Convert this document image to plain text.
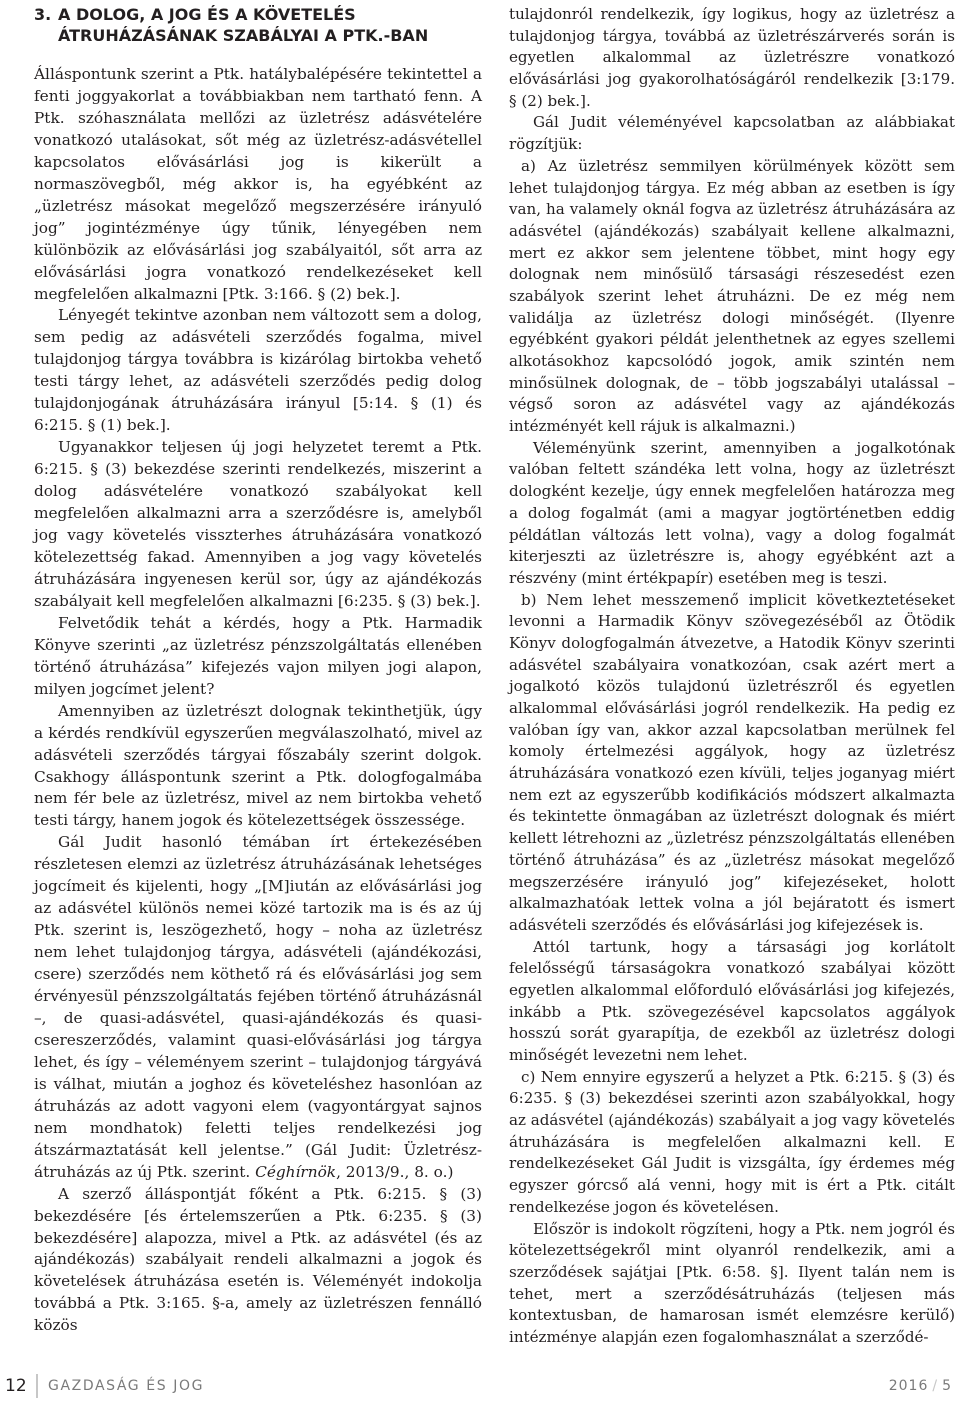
3. A DOLOG, A JOG ÉS A KÖVETELÉS
ÁTRUHÁZÁSÁNAK SZABÁLYAI A PTK.-BAN

Álláspontunk szerint a Ptk. hatálybalépésére tekintettel a fenti joggyakorlat a továbbiakban nem tartható fenn. A Ptk. szóhasználata mellőzi az üzletrész adásvételére vonatkozó utalásokat, sőt még az üzletrész-adásvétellel kapcsolatos elővásárlási jog is kikerült a normaszövegből, még akkor is, ha egyébként az „üzletrész másokat megelőző megszerzésére irányuló jog” jogintézménye úgy tűnik, lényegében nem különbözik az elővásárlási jog szabályaitól, sőt arra az elővásárlási jogra vonatkozó rendelkezéseket kell megfelelően alkalmazni [Ptk. 3:166. § (2) bek.].

Lényegét tekintve azonban nem változott sem a dolog, sem pedig az adásvételi szerződés fogalma, mivel tulajdonjog tárgya továbbra is kizárólag birtokba vehető testi tárgy lehet, az adásvételi szerződés pedig dolog tulajdonjogának átruházására irányul [5:14. § (1) és 6:215. § (1) bek.].

Ugyanakkor teljesen új jogi helyzetet teremt a Ptk. 6:215. § (3) bekezdése szerinti rendelkezés, miszerint a dolog adásvételére vonatkozó szabályokat kell megfelelően alkalmazni arra a szerződésre is, amelyből jog vagy követelés visszterhes átruházására vonatkozó kötelezettség fakad. Amennyiben a jog vagy követelés átruházására ingyenesen kerül sor, úgy az ajándékozás szabályait kell megfelelően alkalmazni [6:235. § (3) bek.].

Felvetődik tehát a kérdés, hogy a Ptk. Harmadik Könyve szerinti „az üzletrész pénzszolgáltatás ellenében történő átruházása” kifejezés vajon milyen jogi alapon, milyen jogcímet jelent?

Amennyiben az üzletrészt dolognak tekinthetjük, úgy a kérdés rendkívül egyszerűen megválaszolható, mivel az adásvételi szerződés tárgyai főszabály szerint dolgok. Csakhogy álláspontunk szerint a Ptk. dologfogalmába nem fér bele az üzletrész, mivel az nem birtokba vehető testi tárgy, hanem jogok és kötelezettségek összessége.

Gál Judit hasonló témában írt értekezésében részletesen elemzi az üzletrész átruházásának lehetséges jogcímeit és kijelenti, hogy „[M]iután az elővásárlási jog az adásvétel különös nemei közé tartozik ma is és az új Ptk. szerint is, leszögezhető, hogy – noha az üzletrész nem lehet tulajdonjog tárgya, adásvételi (ajándékozási, csere) szerződés nem köthető rá és elővásárlási jog sem érvényesül pénzszolgáltatás fejében történő átruházásnál –, de quasi-adásvétel, quasi-ajándékozás és quasi-csereszerződés, valamint quasi-elővásárlási jog tárgya lehet, és így – véleményem szerint – tulajdonjog tárgyává is válhat, miután a joghoz és követeléshez hasonlóan az átruházás az adott vagyoni elem (vagyontárgyat sajnos nem mondhatok) feletti teljes rendelkezési jog átszármaztatását kell jelentse.” (Gál Judit: Üzletrész-átruházás az új Ptk. szerint. Céghírnök, 2013/9., 8. o.)

A szerző álláspontját főként a Ptk. 6:215. § (3) bekezdésére [és értelemszerűen a Ptk. 6:235. § (3) bekezdésére] alapozza, mivel a Ptk. az adásvétel (és az ajándékozás) szabályait rendeli alkalmazni a jogok és követelések átruházása esetén is. Véleményét indokolja továbbá a Ptk. 3:165. §-a, amely az üzletrészen fennálló közös

tulajdonról rendelkezik, így logikus, hogy az üzletrész a tulajdonjog tárgya, továbbá az üzletrészárverés során is egyetlen alkalommal az üzletrészre vonatkozó elővásárlási jog gyakorolhatóságáról rendelkezik [3:179. § (2) bek.].

Gál Judit véleményével kapcsolatban az alábbiakat rögzítjük:

a) Az üzletrész semmilyen körülmények között sem lehet tulajdonjog tárgya. Ez még abban az esetben is így van, ha valamely oknál fogva az üzletrész átruházására az adásvétel (ajándékozás) szabályait kellene alkalmazni, mert ez akkor sem jelentene többet, mint hogy egy dolognak nem minősülő társasági részesedést ezen szabályok szerint lehet átruházni. De ez még nem validálja az üzletrész dologi minőségét. (Ilyenre egyébként gyakori példát jelenthetnek az egyes szellemi alkotásokhoz kapcsolódó jogok, amik szintén nem minősülnek dolognak, de – több jogszabályi utalással – végső soron az adásvétel vagy az ajándékozás intézményét kell rájuk is alkalmazni.)

Véleményünk szerint, amennyiben a jogalkotónak valóban feltett szándéka lett volna, hogy az üzletrészt dologként kezelje, úgy ennek megfelelően határozza meg a dolog fogalmát (ami a magyar jogtörténetben eddig példátlan változás lett volna), vagy a dolog fogalmát kiterjeszti az üzletrészre is, ahogy egyébként azt a részvény (mint értékpapír) esetében meg is teszi.

b) Nem lehet messzemenő implicit következtetéseket levonni a Harmadik Könyv szövegezéséből az Ötödik Könyv dologfogalmán átvezetve, a Hatodik Könyv szerinti adásvétel szabályaira vonatkozóan, csak azért mert a jogalkotó közös tulajdonú üzletrészről és egyetlen alkalommal elővásárlási jogról rendelkezik. Ha pedig ez valóban így van, akkor azzal kapcsolatban merülnek fel komoly értelmezési aggályok, hogy az üzletrész átruházására vonatkozó ezen kívüli, teljes joganyag miért nem ezt az egyszerűbb kodifikációs módszert alkalmazta és tekintette önmagában az üzletrészt dolognak és miért kellett létrehozni az „üzletrész pénzszolgáltatás ellenében történő átruházása” és az „üzletrész másokat megelőző megszerzésére irányuló jog” kifejezéseket, holott alkalmazhatóak lettek volna a jól bejáratott és ismert adásvételi szerződés és elővásárlási jog kifejezések is.

Attól tartunk, hogy a társasági jog korlátolt felelősségű társaságokra vonatkozó szabályai között egyetlen alkalommal előforduló elővásárlási jog kifejezés, inkább a Ptk. szövegezésével kapcsolatos aggályok hosszú sorát gyarapítja, de ezekből az üzletrész dologi minőségét levezetni nem lehet.

c) Nem ennyire egyszerű a helyzet a Ptk. 6:215. § (3) és 6:235. § (3) bekezdései szerinti azon szabályokkal, hogy az adásvétel (ajándékozás) szabályait a jog vagy követelés átruházására is megfelelően alkalmazni kell. E rendelkezéseket Gál Judit is vizsgálta, így érdemes még egyszer górcső alá venni, hogy mit is ért a Ptk. citált rendelkezése jogon és követelésen.

Először is indokolt rögzíteni, hogy a Ptk. nem jogról és kötelezettségekről mint olyanról rendelkezik, ami a szerződések sajátjai [Ptk. 6:58. §]. Ilyent talán nem is tehet, mert a szerződésátruházás (teljesen más kontextusban, de hamarosan ismét elemzésre kerülő) intézménye alapján ezen fogalomhasználat a szerződé-

12 GAZDASÁG ÉS JOG	2016 / 5
